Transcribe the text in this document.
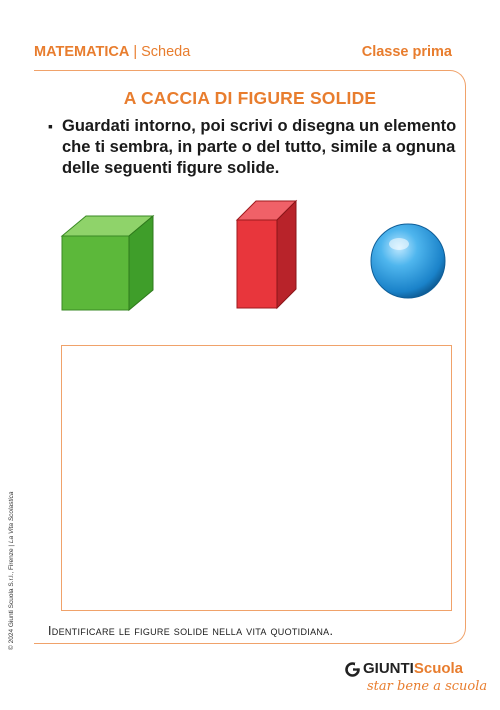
MATEMATICA | Scheda	Classe prima
A CACCIA DI FIGURE SOLIDE
▪ Guardati intorno, poi scrivi o disegna un elemento che ti sembra, in parte o del tutto, simile a ognuna delle seguenti figure solide.
Identificare le figure solide nella vita quotidiana.
© 2024 Giunti Scuola S.r.l., Firenze | La Vita Scolastica
GIUNTIScuola
star bene a scuola
